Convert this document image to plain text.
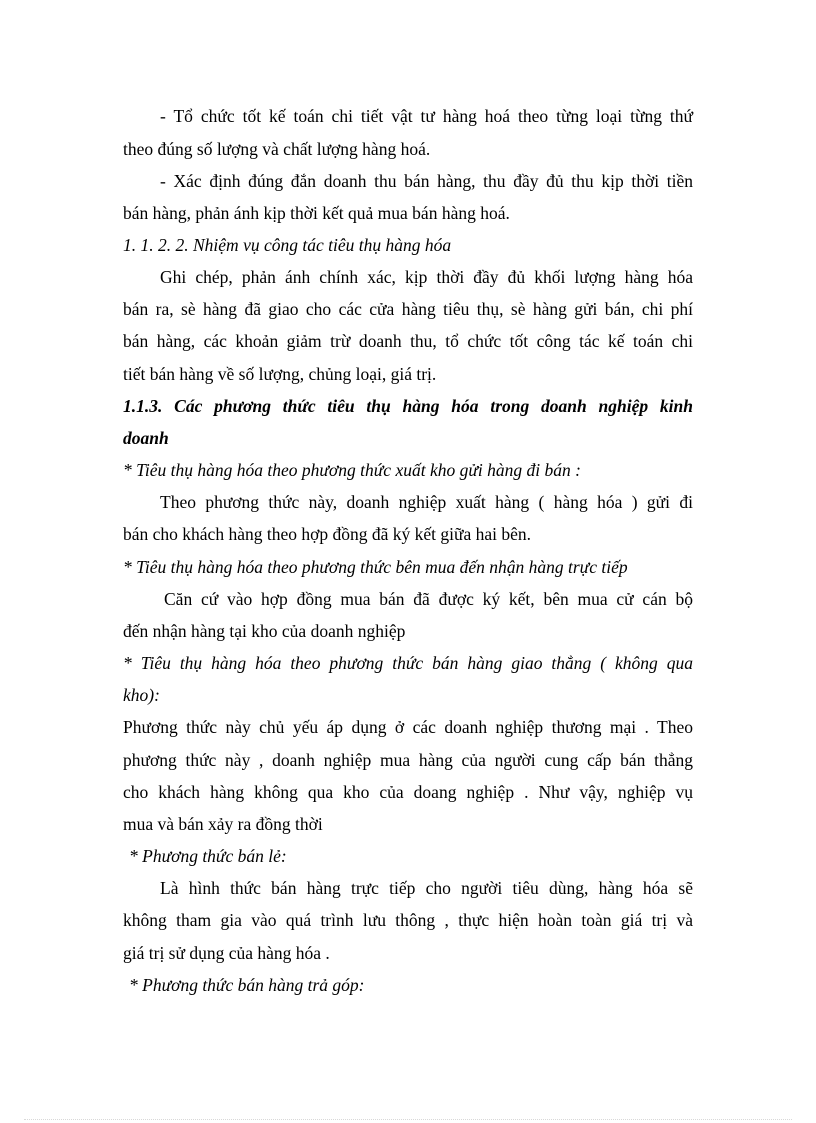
- Tổ chức tốt kế toán chi tiết vật tư hàng hoá theo từng loại từng thứ
theo đúng số lượng và chất lượng hàng hoá.
- Xác định đúng đắn doanh thu bán hàng, thu đầy đủ thu kịp thời tiền
bán hàng, phản ánh kịp thời kết quả mua bán hàng hoá.
1. 1. 2. 2. Nhiệm vụ công tác tiêu thụ hàng hóa
Ghi chép, phản ánh chính xác, kịp thời đầy đủ khối lượng hàng hóa
bán ra, sè hàng đã giao cho các cửa hàng tiêu thụ, sè hàng gửi bán, chi phí
bán hàng, các khoản giảm trừ doanh thu, tổ chức tốt công tác kế toán chi
tiết bán hàng về số lượng, chủng loại, giá trị.
1.1.3. Các phương thức tiêu thụ hàng hóa trong doanh nghiệp kinh
doanh
* Tiêu thụ hàng hóa theo phương thức xuất kho gửi hàng đi bán :
Theo phương thức này, doanh nghiệp xuất hàng ( hàng hóa ) gửi đi
bán cho khách hàng theo hợp đồng đã ký kết giữa hai bên.
* Tiêu thụ hàng hóa theo phương thức bên mua đến nhận hàng trực tiếp
Căn cứ vào hợp đồng mua bán đã được ký kết, bên mua cử cán bộ
đến nhận hàng tại kho của doanh nghiệp
* Tiêu thụ hàng hóa theo phương thức bán hàng giao thẳng ( không qua
kho):
Phương thức này chủ yếu áp dụng ở các doanh nghiệp thương mại . Theo
phương thức này , doanh nghiệp mua hàng của người cung cấp bán thẳng
cho khách hàng không qua kho của doang nghiệp . Như vậy, nghiệp vụ
mua và bán xảy ra đồng thời
* Phương thức bán lẻ:
Là hình thức bán hàng trực tiếp cho người tiêu dùng, hàng hóa sẽ
không tham gia vào quá trình lưu thông , thực hiện hoàn toàn giá trị và
giá trị sử dụng của hàng hóa .
* Phương thức bán hàng trả góp:
